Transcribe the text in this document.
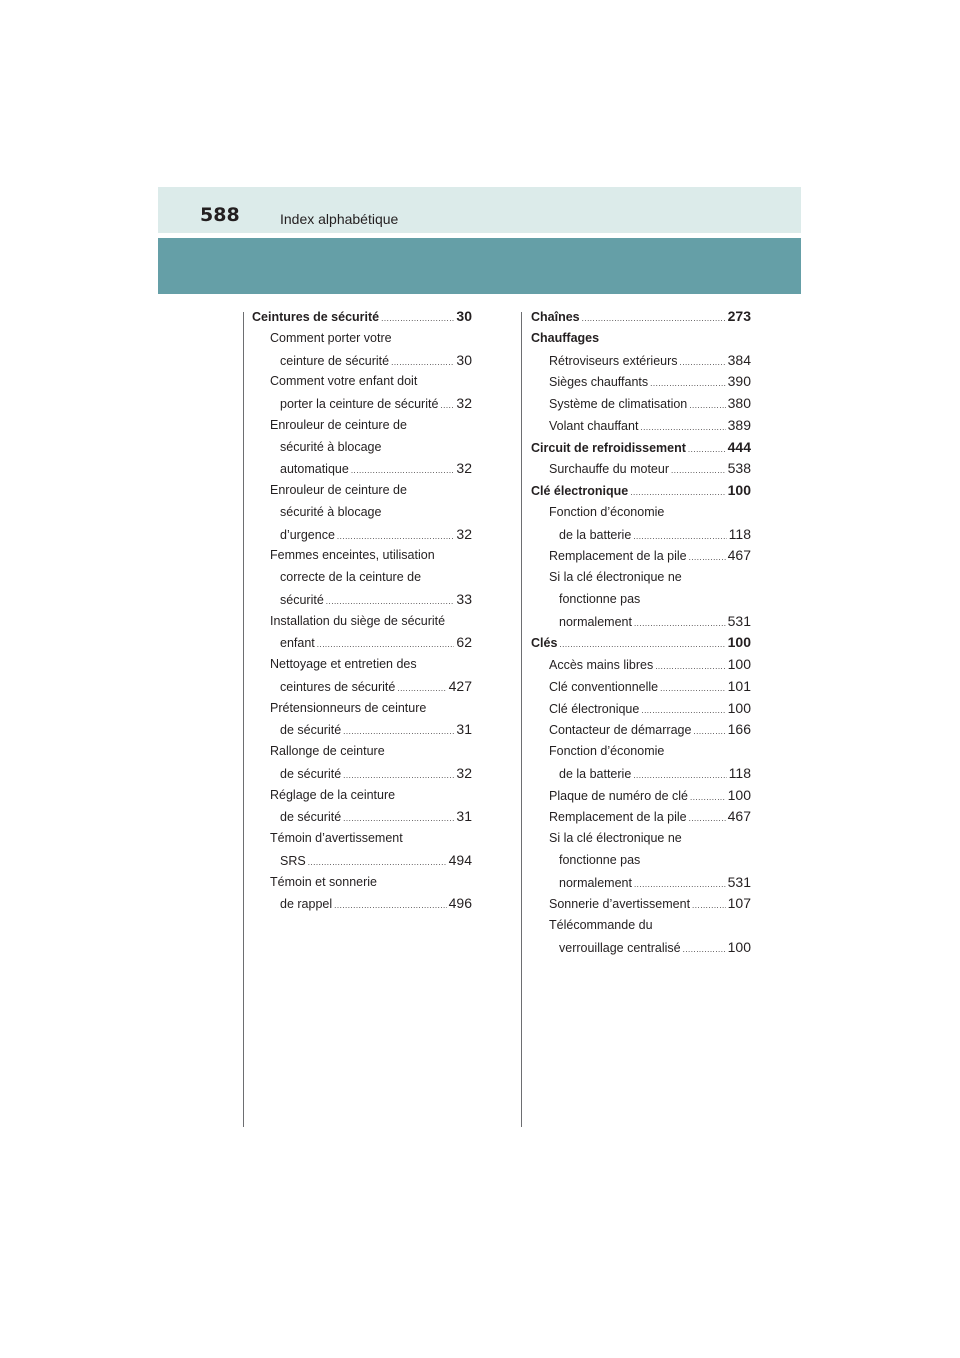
588	Index alphabétique
Ceintures de sécurité .....	30
Comment porter votre
ceinture de sécurité .....	30
Comment votre enfant doit
porter la ceinture de sécurité ..... 32
Enrouleur de ceinture de
sécurité à blocage
automatique .....	32
Enrouleur de ceinture de
sécurité à blocage
d’urgence .....	32
Femmes enceintes, utilisation
correcte de la ceinture de
sécurité .....	33
Installation du siège de sécurité
enfant .....	62
Nettoyage et entretien des
ceintures de sécurité .....	427
Prétensionneurs de ceinture
de sécurité .....	31
Rallonge de ceinture
de sécurité .....	32
Réglage de la ceinture
de sécurité .....	31
Témoin d’avertissement
SRS .....	494
Témoin et sonnerie
de rappel .....	496
Chaînes .....	273
Chauffages
Rétroviseurs extérieurs .....	384
Sièges chauffants .....	390
Système de climatisation .....	380
Volant chauffant .....	389
Circuit de refroidissement .....	444
Surchauffe du moteur .....	538
Clé électronique .....	100
Fonction d’économie
de la batterie .....	118
Remplacement de la pile .....	467
Si la clé électronique ne
fonctionne pas
normalement .....	531
Clés .....	100
Accès mains libres .....	100
Clé conventionnelle .....	101
Clé électronique .....	100
Contacteur de démarrage .....	166
Fonction d’économie
de la batterie .....	118
Plaque de numéro de clé .....	100
Remplacement de la pile .....	467
Si la clé électronique ne
fonctionne pas
normalement .....	531
Sonnerie d’avertissement .....	107
Télécommande du
verrouillage centralisé .....	100
